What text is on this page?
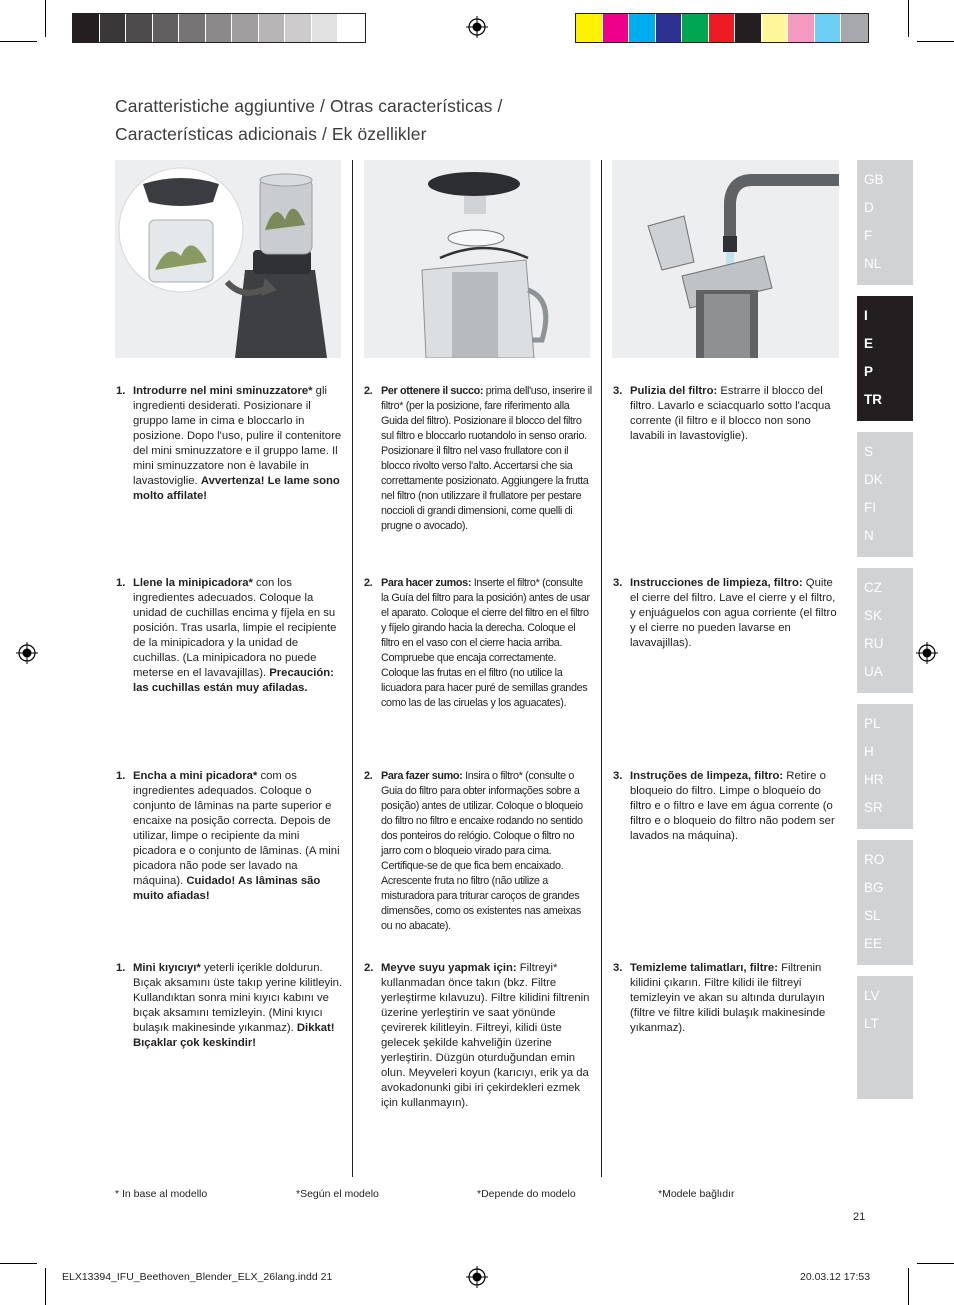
Caratteristiche aggiuntive / Otras características /
Características adicionais / Ek özellikler

1. Introdurre nel mini sminuzzatore* gli ingredienti desiderati. Posizionare il gruppo lame in cima e bloccarlo in posizione. Dopo l'uso, pulire il contenitore del mini sminuzzatore e il gruppo lame. Il mini sminuzzatore non è lavabile in lavastoviglie. Avvertenza! Le lame sono molto affilate!

1. Llene la minipicadora* con los ingredientes adecuados. Coloque la unidad de cuchillas encima y fíjela en su posición. Tras usarla, limpie el recipiente de la minipicadora y la unidad de cuchillas. (La minipicadora no puede meterse en el lavavajillas). Precaución: las cuchillas están muy afiladas.

1. Encha a mini picadora* com os ingredientes adequados. Coloque o conjunto de lâminas na parte superior e encaixe na posição correcta. Depois de utilizar, limpe o recipiente da mini picadora e o conjunto de lâminas. (A mini picadora não pode ser lavado na máquina). Cuidado! As lâminas são muito afiadas!

1. Mini kıyıcıyı* yeterli içerikle doldurun. Bıçak aksamını üste takıp yerine kilitleyin. Kullandıktan sonra mini kıyıcı kabını ve bıçak aksamını temizleyin. (Mini kıyıcı bulaşık makinesinde yıkanmaz). Dikkat! Bıçaklar çok keskindir!

2. Per ottenere il succo: prima dell'uso, inserire il filtro* (per la posizione, fare riferimento alla Guida del filtro). Posizionare il blocco del filtro sul filtro e bloccarlo ruotandolo in senso orario. Posizionare il filtro nel vaso frullatore con il blocco rivolto verso l'alto. Accertarsi che sia correttamente posizionato. Aggiungere la frutta nel filtro (non utilizzare il frullatore per pestare noccioli di grandi dimensioni, come quelli di prugne o avocado).

2. Para hacer zumos: Inserte el filtro* (consulte la Guía del filtro para la posición) antes de usar el aparato. Coloque el cierre del filtro en el filtro y fíjelo girando hacia la derecha. Coloque el filtro en el vaso con el cierre hacia arriba. Compruebe que encaja correctamente. Coloque las frutas en el filtro (no utilice la licuadora para hacer puré de semillas grandes como las de las ciruelas y los aguacates).

2. Para fazer sumo: Insira o filtro* (consulte o Guia do filtro para obter informações sobre a posição) antes de utilizar. Coloque o bloqueio do filtro no filtro e encaixe rodando no sentido dos ponteiros do relógio. Coloque o filtro no jarro com o bloqueio virado para cima. Certifique-se de que fica bem encaixado. Acrescente fruta no filtro (não utilize a misturadora para triturar caroços de grandes dimensões, como os existentes nas ameixas ou no abacate).

2. Meyve suyu yapmak için: Filtreyi* kullanmadan önce takın (bkz. Filtre yerleştirme kılavuzu). Filtre kilidini filtrenin üzerine yerleştirin ve saat yönünde çevirerek kilitleyin. Filtreyi, kilidi üste gelecek şekilde kahveliğin üzerine yerleştirin. Düzgün oturduğundan emin olun. Meyveleri koyun (karıcıyı, erik ya da avokadonunki gibi iri çekirdekleri ezmek için kullanmayın).

3. Pulizia del filtro: Estrarre il blocco del filtro. Lavarlo e sciacquarlo sotto l'acqua corrente (il filtro e il blocco non sono lavabili in lavastoviglie).

3. Instrucciones de limpieza, filtro: Quite el cierre del filtro. Lave el cierre y el filtro, y enjuáguelos con agua corriente (el filtro y el cierre no pueden lavarse en lavavajillas).

3. Instruções de limpeza, filtro: Retire o bloqueio do filtro. Limpe o bloqueio do filtro e o filtro e lave em água corrente (o filtro e o bloqueio do filtro não podem ser lavados na máquina).

3. Temizleme talimatları, filtre: Filtrenin kilidini çıkarın. Filtre kilidi ile filtreyi temizleyin ve akan su altında durulayın (filtre ve filtre kilidi bulaşık makinesinde yıkanmaz).

GB
D
F
NL
I
E
P
TR
S
DK
FI
N
CZ
SK
RU
UA
PL
H
HR
SR
RO
BG
SL
EE
LV
LT
* In base al modello	*Según el modelo	*Depende do modelo	*Modele bağlıdır
21
ELX13394_IFU_Beethoven_Blender_ELX_26lang.indd 21	20.03.12 17:53
